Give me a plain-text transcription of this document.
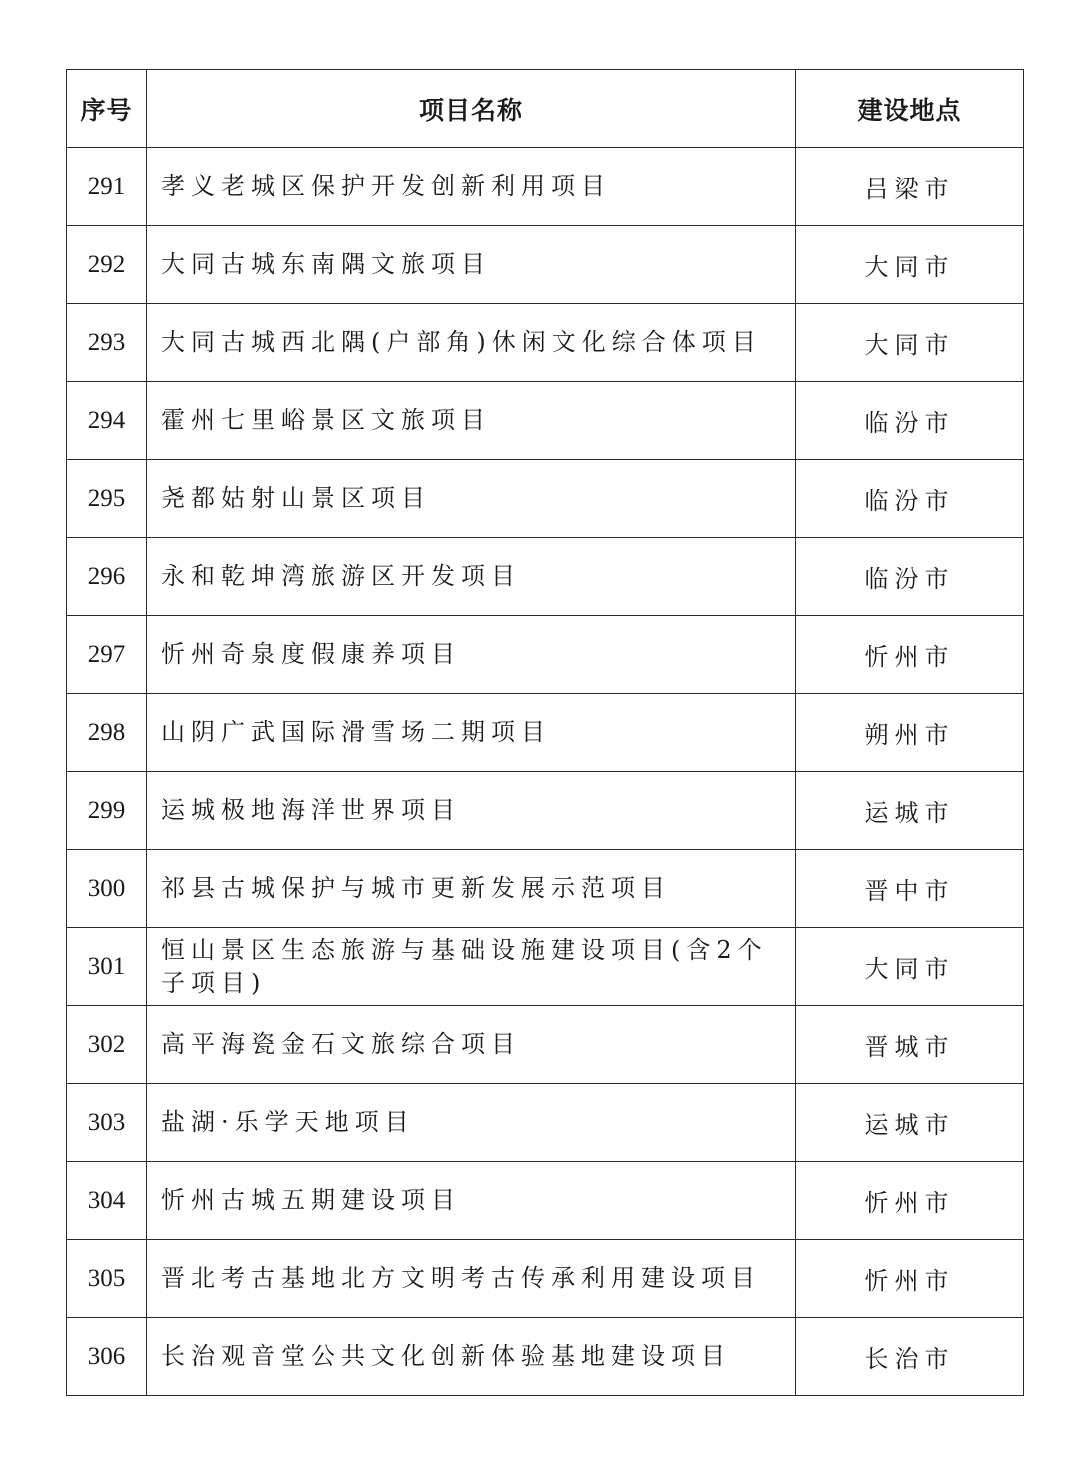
序号	项目名称	建设地点
291	孝义老城区保护开发创新利用项目	吕梁市
292	大同古城东南隅文旅项目	大同市
293	大同古城西北隅(户部角)休闲文化综合体项目	大同市
294	霍州七里峪景区文旅项目	临汾市
295	尧都姑射山景区项目	临汾市
296	永和乾坤湾旅游区开发项目	临汾市
297	忻州奇泉度假康养项目	忻州市
298	山阴广武国际滑雪场二期项目	朔州市
299	运城极地海洋世界项目	运城市
300	祁县古城保护与城市更新发展示范项目	晋中市
301	恒山景区生态旅游与基础设施建设项目(含2个子项目)	大同市
302	高平海瓷金石文旅综合项目	晋城市
303	盐湖·乐学天地项目	运城市
304	忻州古城五期建设项目	忻州市
305	晋北考古基地北方文明考古传承利用建设项目	忻州市
306	长治观音堂公共文化创新体验基地建设项目	长治市
